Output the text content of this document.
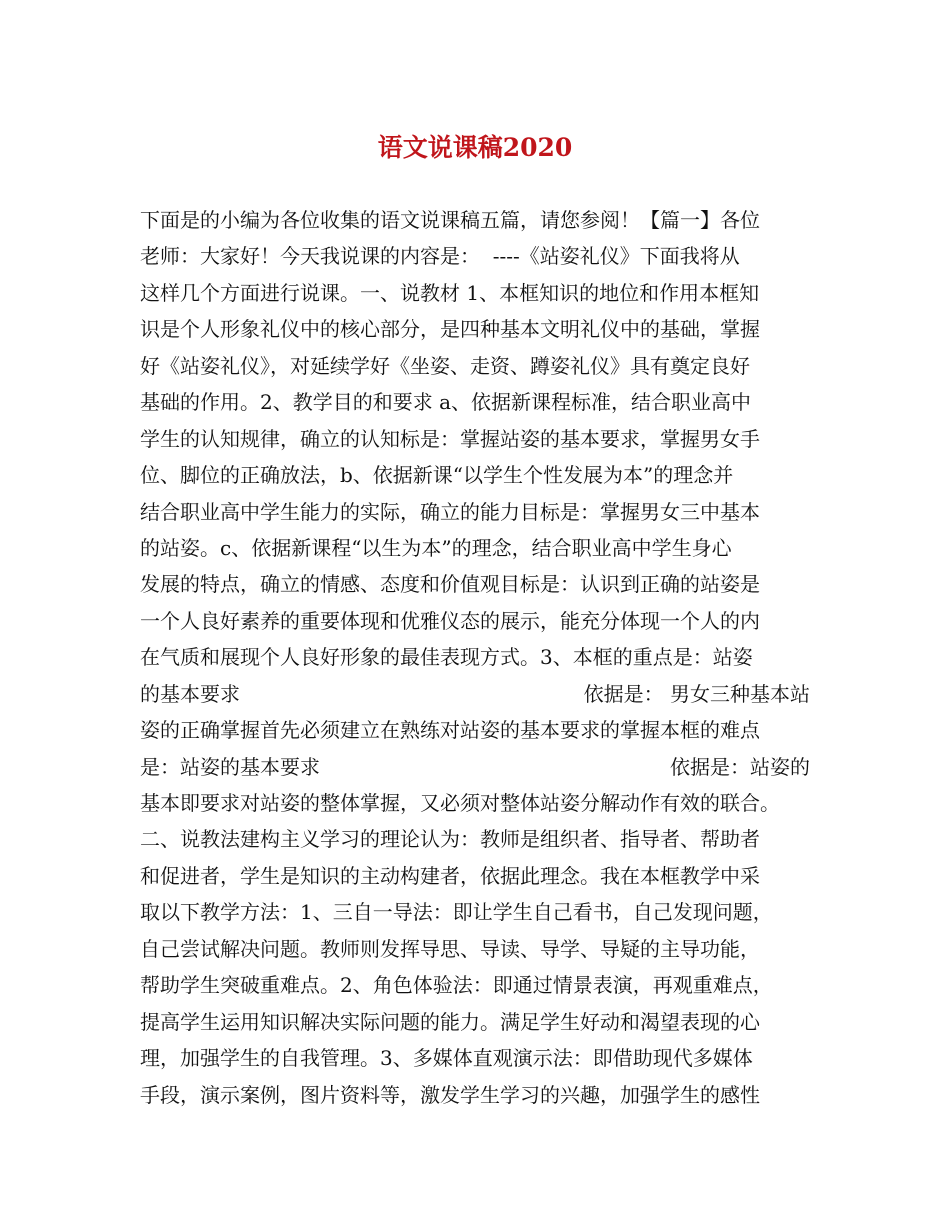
语文说课稿2020
下面是的小编为各位收集的语文说课稿五篇，请您参阅！【篇一】各位
老师：大家好！今天我说课的内容是：  ----《站姿礼仪》下面我将从
这样几个方面进行说课。一、说教材 1、本框知识的地位和作用本框知
识是个人形象礼仪中的核心部分，是四种基本文明礼仪中的基础，掌握
好《站姿礼仪》，对延续学好《坐姿、走资、蹲姿礼仪》具有奠定良好
基础的作用。2、教学目的和要求 a、依据新课程标准，结合职业高中
学生的认知规律，确立的认知标是：掌握站姿的基本要求，掌握男女手
位、脚位的正确放法，b、依据新课“以学生个性发展为本”的理念并
结合职业高中学生能力的实际，确立的能力目标是：掌握男女三中基本
的站姿。c、依据新课程“以生为本”的理念，结合职业高中学生身心
发展的特点，确立的情感、态度和价值观目标是：认识到正确的站姿是
一个人良好素养的重要体现和优雅仪态的展示，能充分体现一个人的内
在气质和展现个人良好形象的最佳表现方式。3、本框的重点是：站姿
的基本要求	依据是： 男女三种基本站
姿的正确掌握首先必须建立在熟练对站姿的基本要求的掌握本框的难点
是：站姿的基本要求	依据是：站姿的
基本即要求对站姿的整体掌握，又必须对整体站姿分解动作有效的联合。
二、说教法建构主义学习的理论认为：教师是组织者、指导者、帮助者
和促进者，学生是知识的主动构建者，依据此理念。我在本框教学中采
取以下教学方法：1、三自一导法：即让学生自己看书，自己发现问题，
自己尝试解决问题。教师则发挥导思、导读、导学、导疑的主导功能，
帮助学生突破重难点。2、角色体验法：即通过情景表演，再观重难点，
提高学生运用知识解决实际问题的能力。满足学生好动和渴望表现的心
理，加强学生的自我管理。3、多媒体直观演示法：即借助现代多媒体
手段，演示案例，图片资料等，激发学生学习的兴趣，加强学生的感性
